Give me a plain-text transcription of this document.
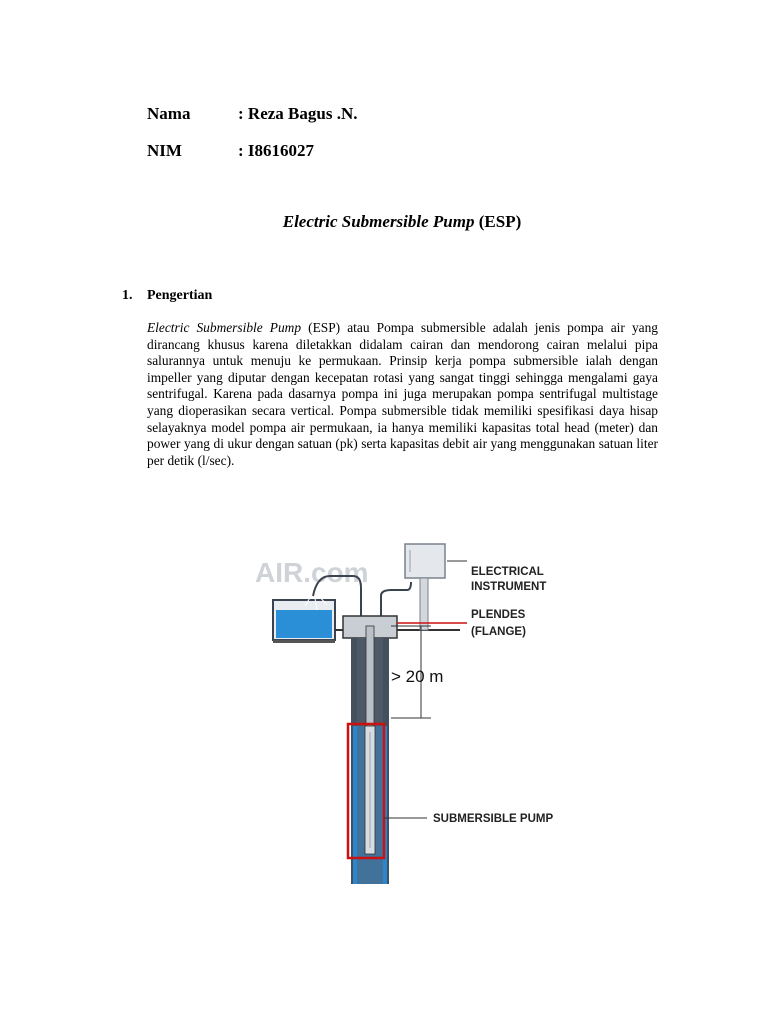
Nama	: Reza Bagus .N.
NIM	: I8616027
Electric Submersible Pump (ESP)
1. Pengertian

Electric Submersible Pump (ESP) atau Pompa submersible adalah jenis pompa air yang dirancang khusus karena diletakkan didalam cairan dan mendorong cairan melalui pipa salurannya untuk menuju ke permukaan. Prinsip kerja pompa submersible ialah dengan impeller yang diputar dengan kecepatan rotasi yang sangat tinggi sehingga mengalami gaya sentrifugal. Karena pada dasarnya pompa ini juga merupakan pompa sentrifugal multistage yang dioperasikan secara vertical. Pompa submersible tidak memiliki spesifikasi daya hisap selayaknya model pompa air permukaan, ia hanya memiliki kapasitas total head (meter) dan power yang di ukur dengan satuan (pk) serta kapasitas debit air yang menggunakan satuan liter per detik (l/sec).

AIR.com
> 20 m
ELECTRICAL
INSTRUMENT
PLENDES
(FLANGE)
SUBMERSIBLE PUMP
